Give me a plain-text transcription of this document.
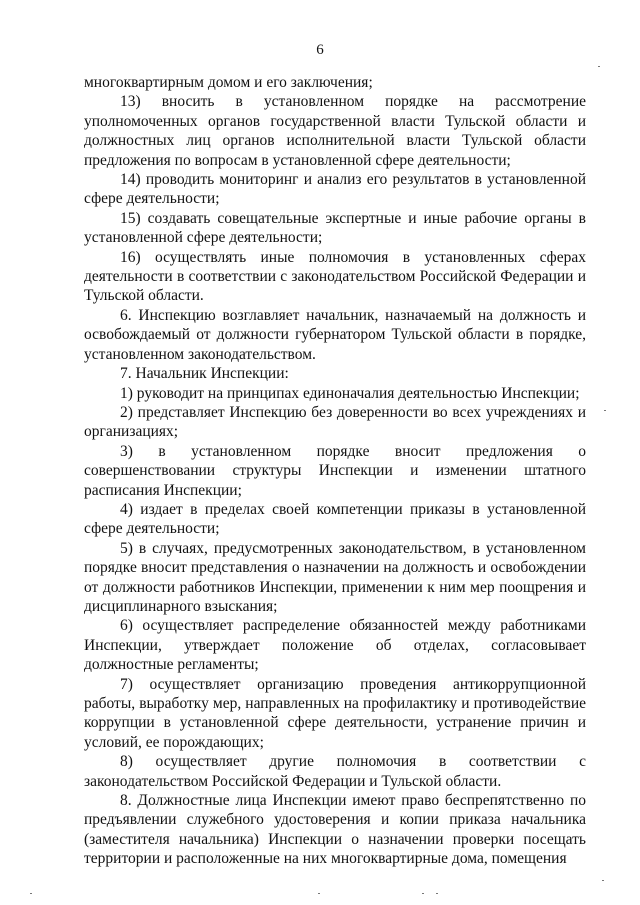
6

многоквартирным домом и его заключения;

13) вносить в установленном порядке на рассмотрение уполномоченных органов государственной власти Тульской области и должностных лиц органов исполнительной власти Тульской области предложения по вопросам в установленной сфере деятельности;

14) проводить мониторинг и анализ его результатов в установленной сфере деятельности;

15) создавать совещательные экспертные и иные рабочие органы в установленной сфере деятельности;

16) осуществлять иные полномочия в установленных сферах деятельности в соответствии с законодательством Российской Федерации и Тульской области.

6. Инспекцию возглавляет начальник, назначаемый на должность и освобождаемый от должности губернатором Тульской области в порядке, установленном законодательством.

7. Начальник Инспекции:

1) руководит на принципах единоначалия деятельностью Инспекции;

2) представляет Инспекцию без доверенности во всех учреждениях и организациях;

3) в установленном порядке вносит предложения о совершенствовании структуры Инспекции и изменении штатного расписания Инспекции;

4) издает в пределах своей компетенции приказы в установленной сфере деятельности;

5) в случаях, предусмотренных законодательством, в установленном порядке вносит представления о назначении на должность и освобождении от должности работников Инспекции, применении к ним мер поощрения и дисциплинарного взыскания;

6) осуществляет распределение обязанностей между работниками Инспекции, утверждает положение об отделах, согласовывает должностные регламенты;

7) осуществляет организацию проведения антикоррупционной работы, выработку мер, направленных на профилактику и противодействие коррупции в установленной сфере деятельности, устранение причин и условий, ее порождающих;

8) осуществляет другие полномочия в соответствии с законодательством Российской Федерации и Тульской области.

8. Должностные лица Инспекции имеют право беспрепятственно по предъявлении служебного удостоверения и копии приказа начальника (заместителя начальника) Инспекции о назначении проверки посещать территории и расположенные на них многоквартирные дома, помещения
